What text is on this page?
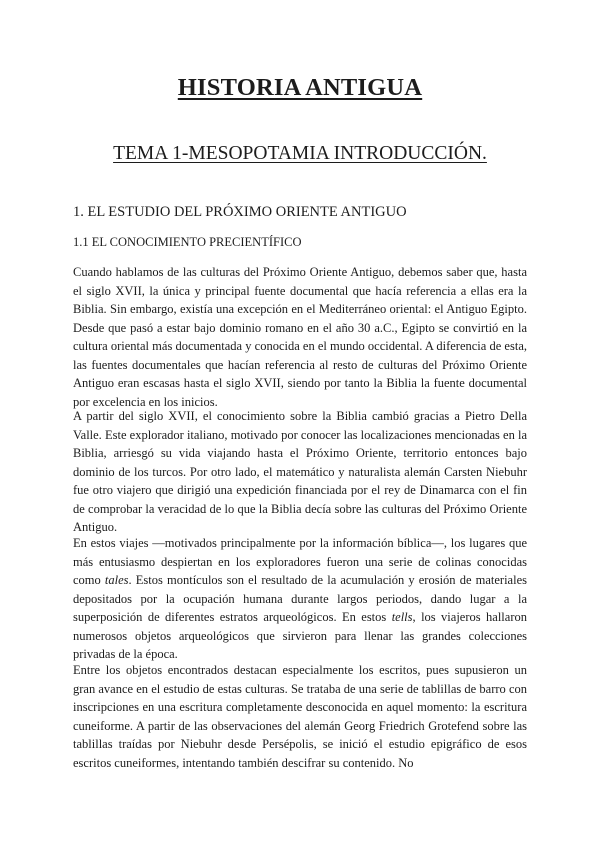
HISTORIA ANTIGUA
TEMA 1-MESOPOTAMIA INTRODUCCIÓN.
1. EL ESTUDIO DEL PRÓXIMO ORIENTE ANTIGUO
1.1 EL CONOCIMIENTO PRECIENTÍFICO

Cuando hablamos de las culturas del Próximo Oriente Antiguo, debemos saber que, hasta el siglo XVII, la única y principal fuente documental que hacía referencia a ellas era la Biblia. Sin embargo, existía una excepción en el Mediterráneo oriental: el Antiguo Egipto. Desde que pasó a estar bajo dominio romano en el año 30 a.C., Egipto se convirtió en la cultura oriental más documentada y conocida en el mundo occidental. A diferencia de esta, las fuentes documentales que hacían referencia al resto de culturas del Próximo Oriente Antiguo eran escasas hasta el siglo XVII, siendo por tanto la Biblia la fuente documental por excelencia en los inicios.

A partir del siglo XVII, el conocimiento sobre la Biblia cambió gracias a Pietro Della Valle. Este explorador italiano, motivado por conocer las localizaciones mencionadas en la Biblia, arriesgó su vida viajando hasta el Próximo Oriente, territorio entonces bajo dominio de los turcos. Por otro lado, el matemático y naturalista alemán Carsten Niebuhr fue otro viajero que dirigió una expedición financiada por el rey de Dinamarca con el fin de comprobar la veracidad de lo que la Biblia decía sobre las culturas del Próximo Oriente Antiguo.

En estos viajes —motivados principalmente por la información bíblica—, los lugares que más entusiasmo despiertan en los exploradores fueron una serie de colinas conocidas como tales. Estos montículos son el resultado de la acumulación y erosión de materiales depositados por la ocupación humana durante largos periodos, dando lugar a la superposición de diferentes estratos arqueológicos. En estos tells, los viajeros hallaron numerosos objetos arqueológicos que sirvieron para llenar las grandes colecciones privadas de la época.

Entre los objetos encontrados destacan especialmente los escritos, pues supusieron un gran avance en el estudio de estas culturas. Se trataba de una serie de tablillas de barro con inscripciones en una escritura completamente desconocida en aquel momento: la escritura cuneiforme. A partir de las observaciones del alemán Georg Friedrich Grotefend sobre las tablillas traídas por Niebuhr desde Persépolis, se inició el estudio epigráfico de esos escritos cuneiformes, intentando también descifrar su contenido. No
